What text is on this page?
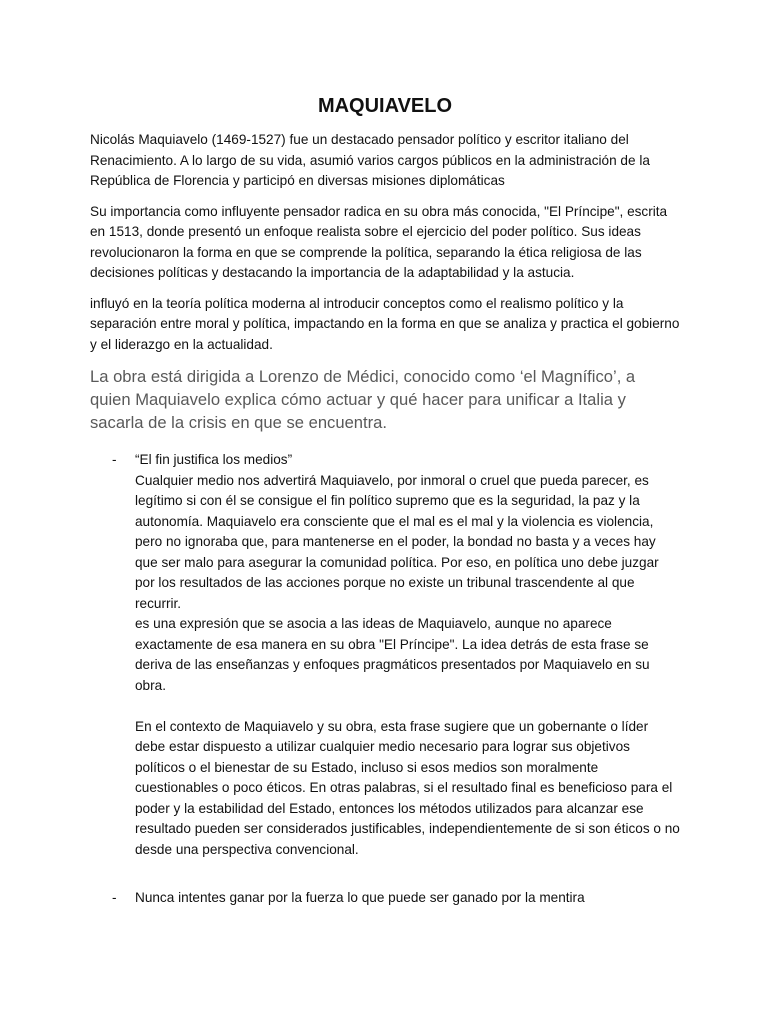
MAQUIAVELO

Nicolás Maquiavelo (1469-1527) fue un destacado pensador político y escritor italiano del Renacimiento. A lo largo de su vida, asumió varios cargos públicos en la administración de la República de Florencia y participó en diversas misiones diplomáticas

Su importancia como influyente pensador radica en su obra más conocida, "El Príncipe", escrita en 1513, donde presentó un enfoque realista sobre el ejercicio del poder político. Sus ideas revolucionaron la forma en que se comprende la política, separando la ética religiosa de las decisiones políticas y destacando la importancia de la adaptabilidad y la astucia.

influyó en la teoría política moderna al introducir conceptos como el realismo político y la separación entre moral y política, impactando en la forma en que se analiza y practica el gobierno y el liderazgo en la actualidad.

La obra está dirigida a Lorenzo de Médici, conocido como ‘el Magnífico’, a quien Maquiavelo explica cómo actuar y qué hacer para unificar a Italia y sacarla de la crisis en que se encuentra.

- “El fin justifica los medios”
Cualquier medio nos advertirá Maquiavelo, por inmoral o cruel que pueda parecer, es legítimo si con él se consigue el fin político supremo que es la seguridad, la paz y la autonomía. Maquiavelo era consciente que el mal es el mal y la violencia es violencia, pero no ignoraba que, para mantenerse en el poder, la bondad no basta y a veces hay que ser malo para asegurar la comunidad política. Por eso, en política uno debe juzgar por los resultados de las acciones porque no existe un tribunal trascendente al que recurrir.
es una expresión que se asocia a las ideas de Maquiavelo, aunque no aparece exactamente de esa manera en su obra "El Príncipe". La idea detrás de esta frase se deriva de las enseñanzas y enfoques pragmáticos presentados por Maquiavelo en su obra.
En el contexto de Maquiavelo y su obra, esta frase sugiere que un gobernante o líder debe estar dispuesto a utilizar cualquier medio necesario para lograr sus objetivos políticos o el bienestar de su Estado, incluso si esos medios son moralmente cuestionables o poco éticos. En otras palabras, si el resultado final es beneficioso para el poder y la estabilidad del Estado, entonces los métodos utilizados para alcanzar ese resultado pueden ser considerados justificables, independientemente de si son éticos o no desde una perspectiva convencional.
- Nunca intentes ganar por la fuerza lo que puede ser ganado por la mentira
